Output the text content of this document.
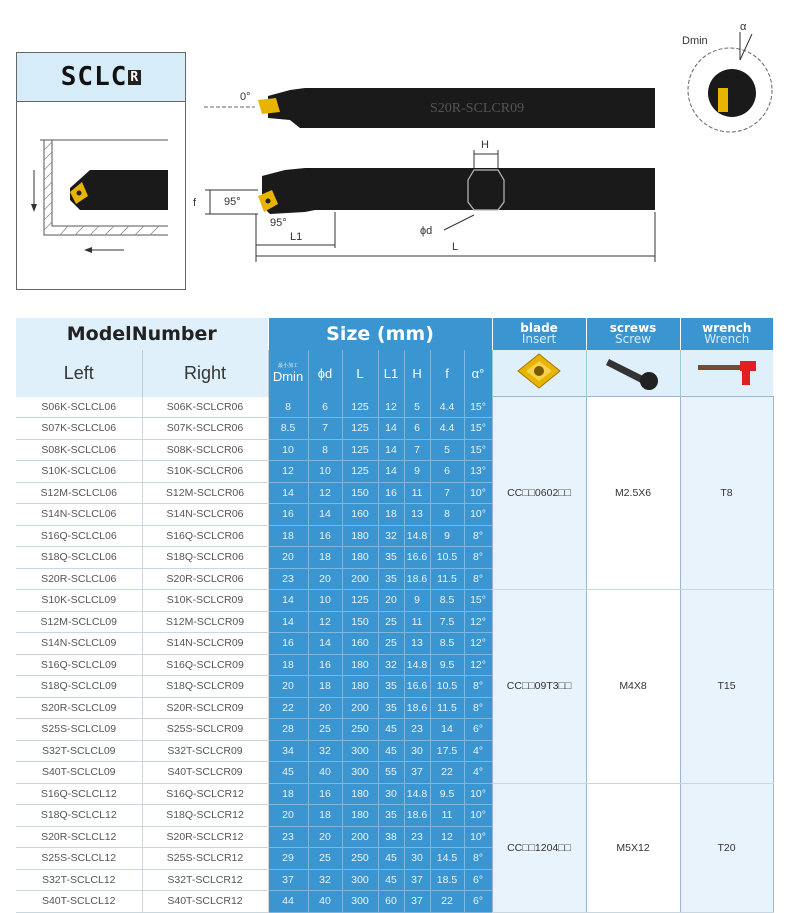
SCLC R
0°
S20R-SCLCR09
H
f	95°
95°
L1
L
ϕd
Dmin
α
ModelNumber		Size (mm)							blade
Insert	screws
Screw	wrench
Wrench

Left	Right	最小加工
Dmin	ϕd	L	L1	H	f	α°			
S06K-SCLCL06	S06K-SCLCR06	8	6	125	12	5	4.4	15°	CC□□0602□□	M2.5X6	T8
S07K-SCLCL06	S07K-SCLCR06	8.5	7	125	14	6	4.4	15°			
S08K-SCLCL06	S08K-SCLCR06	10	8	125	14	7	5	15°			
S10K-SCLCL06	S10K-SCLCR06	12	10	125	14	9	6	13°			
S12M-SCLCL06	S12M-SCLCR06	14	12	150	16	11	7	10°			
S14N-SCLCL06	S14N-SCLCR06	16	14	160	18	13	8	10°			
S16Q-SCLCL06	S16Q-SCLCR06	18	16	180	32	14.8	9	8°			
S18Q-SCLCL06	S18Q-SCLCR06	20	18	180	35	16.6	10.5	8°			
S20R-SCLCL06	S20R-SCLCR06	23	20	200	35	18.6	11.5	8°			
S10K-SCLCL09	S10K-SCLCR09	14	10	125	20	9	8.5	15°	CC□□09T3□□	M4X8	T15
S12M-SCLCL09	S12M-SCLCR09	14	12	150	25	11	7.5	12°			
S14N-SCLCL09	S14N-SCLCR09	16	14	160	25	13	8.5	12°			
S16Q-SCLCL09	S16Q-SCLCR09	18	16	180	32	14.8	9.5	12°			
S18Q-SCLCL09	S18Q-SCLCR09	20	18	180	35	16.6	10.5	8°			
S20R-SCLCL09	S20R-SCLCR09	22	20	200	35	18.6	11.5	8°			
S25S-SCLCL09	S25S-SCLCR09	28	25	250	45	23	14	6°			
S32T-SCLCL09	S32T-SCLCR09	34	32	300	45	30	17.5	4°			
S40T-SCLCL09	S40T-SCLCR09	45	40	300	55	37	22	4°			
S16Q-SCLCL12	S16Q-SCLCR12	18	16	180	30	14.8	9.5	10°	CC□□1204□□	M5X12	T20
S18Q-SCLCL12	S18Q-SCLCR12	20	18	180	35	18.6	11	10°			
S20R-SCLCL12	S20R-SCLCR12	23	20	200	38	23	12	10°			
S25S-SCLCL12	S25S-SCLCR12	29	25	250	45	30	14.5	8°			
S32T-SCLCL12	S32T-SCLCR12	37	32	300	45	37	18.5	6°			
S40T-SCLCL12	S40T-SCLCR12	44	40	300	60	37	22	6°			
